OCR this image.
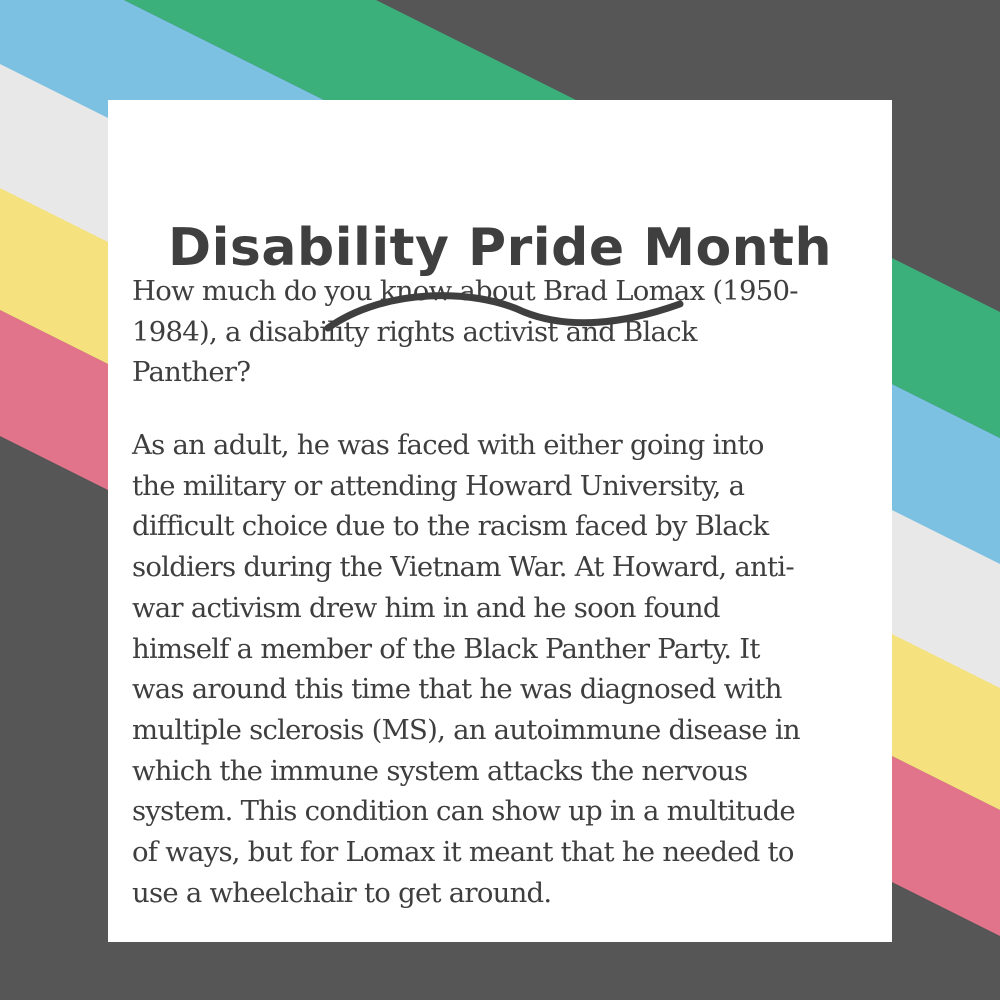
Disability Pride Month

How much do you know about Brad Lomax (1950-
1984), a disability rights activist and Black
Panther?

As an adult, he was faced with either going into
the military or attending Howard University, a
difficult choice due to the racism faced by Black
soldiers during the Vietnam War. At Howard, anti-
war activism drew him in and he soon found
himself a member of the Black Panther Party. It
was around this time that he was diagnosed with
multiple sclerosis (MS), an autoimmune disease in
which the immune system attacks the nervous
system. This condition can show up in a multitude
of ways, but for Lomax it meant that he needed to
use a wheelchair to get around.
